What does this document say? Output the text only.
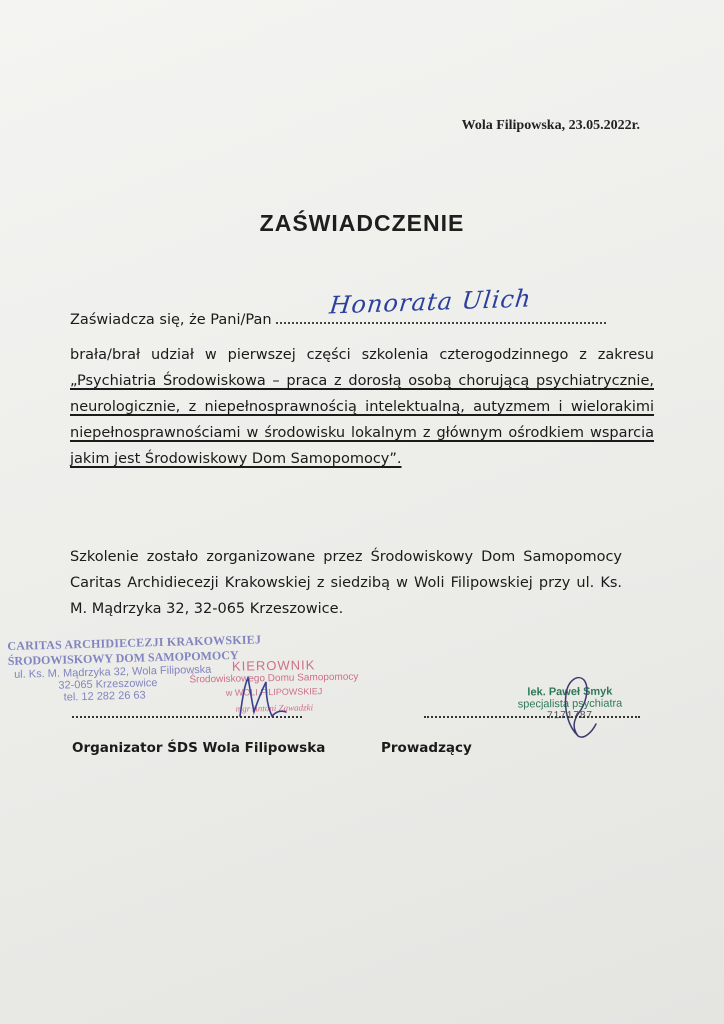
Wola Filipowska, 23.05.2022r.
ZAŚWIADCZENIE
Zaświadcza się, że Pani/Pan
Honorata Ulich
brała/brał udział w pierwszej części szkolenia czterogodzinnego z zakresu „Psychiatria Środowiskowa – praca z dorosłą osobą chorującą psychiatrycznie, neurologicznie, z niepełnosprawnością intelektualną, autyzmem i wielorakimi niepełnosprawnościami w środowisku lokalnym z głównym ośrodkiem wsparcia jakim jest Środowiskowy Dom Samopomocy”.
Szkolenie zostało zorganizowane przez Środowiskowy Dom Samopomocy Caritas Archidiecezji Krakowskiej z siedzibą w Woli Filipowskiej przy ul. Ks. M. Mądrzyka 32, 32-065 Krzeszowice.
CARITAS ARCHIDIECEZJI KRAKOWSKIEJ
ŚRODOWISKOWY DOM SAMOPOMOCY
ul. Ks. M. Mądrzyka 32, Wola Filipowska
32-065 Krzeszowice
tel. 12 282 26 63
KIEROWNIK
Środowiskowego Domu Samopomocy
w WOLI FILIPOWSKIEJ
mgr Antoni Zawadzki
Organizator ŚDS Wola Filipowska
lek. Paweł Smyk
specjalista psychiatra
7171787
Prowadzący
